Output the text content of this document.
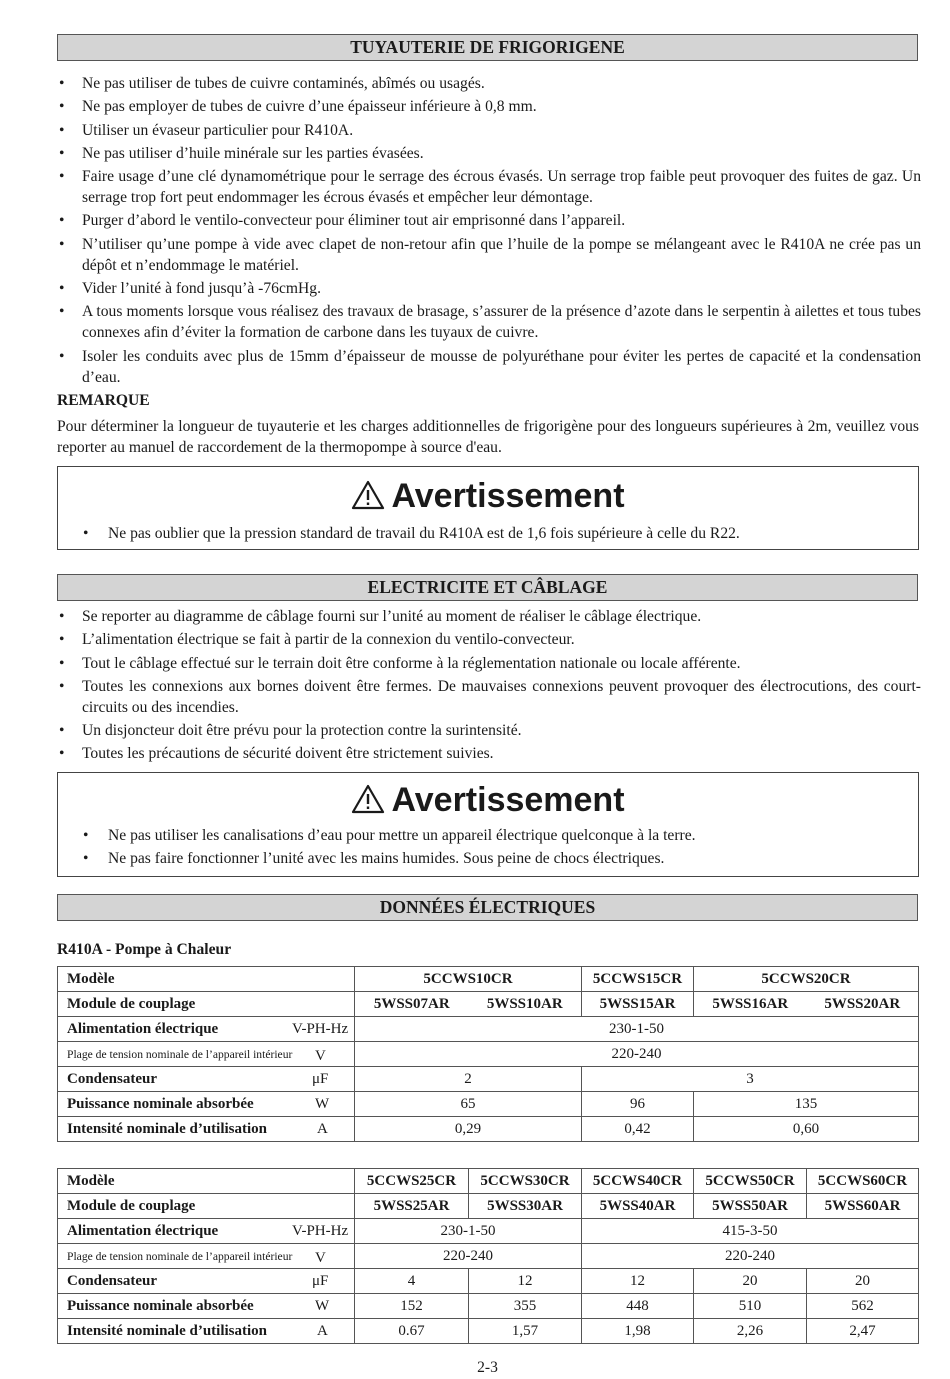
TUYAUTERIE DE FRIGORIGENE
• Ne pas utiliser de tubes de cuivre contaminés, abîmés ou usagés.
• Ne pas employer de tubes de cuivre d’une épaisseur inférieure à 0,8 mm.
• Utiliser un évaseur particulier pour R410A.
• Ne pas utiliser d’huile minérale sur les parties évasées.
• Faire usage d’une clé dynamométrique pour le serrage des écrous évasés. Un serrage trop faible peut provoquer des fuites de gaz. Un serrage trop fort peut endommager les écrous évasés et empêcher leur démontage.
• Purger d’abord le ventilo-convecteur pour éliminer tout air emprisonné dans l’appareil.
• N’utiliser qu’une pompe à vide avec clapet de non-retour afin que l’huile de la pompe se mélangeant avec le R410A ne crée pas un dépôt et n’endommage le matériel.
• Vider l’unité à fond jusqu’à -76cmHg.
• A tous moments lorsque vous réalisez des travaux de brasage, s’assurer de la présence d’azote dans le serpentin à ailettes et tous tubes connexes afin d’éviter la formation de carbone dans les tuyaux de cuivre.
• Isoler les conduits avec plus de 15mm d’épaisseur de mousse de polyuréthane pour éviter les pertes de capacité et la condensation d’eau.
REMARQUE
Pour déterminer la longueur de tuyauterie et les charges additionnelles de frigorigène pour des longueurs supérieures à 2m, veuillez vous reporter au manuel de raccordement de la thermopompe à source d'eau.
Avertissement
• Ne pas oublier que la pression standard de travail du R410A est de 1,6 fois supérieure à celle du R22.
ELECTRICITE ET CÂBLAGE
• Se reporter au diagramme de câblage fourni sur l’unité au moment de réaliser le câblage électrique.
• L’alimentation électrique se fait à partir de la connexion du ventilo-convecteur.
• Tout le câblage effectué sur le terrain doit être conforme à la réglementation nationale ou locale afférente.
• Toutes les connexions aux bornes doivent être fermes. De mauvaises connexions peuvent provoquer des électrocutions, des court-circuits ou des incendies.
• Un disjoncteur doit être prévu pour la protection contre la surintensité.
• Toutes les précautions de sécurité doivent être strictement suivies.
Avertissement
• Ne pas utiliser les canalisations d’eau pour mettre un appareil électrique quelconque à la terre.
• Ne pas faire fonctionner l’unité avec les mains humides. Sous peine de chocs électriques.
DONNÉES ÉLECTRIQUES
R410A - Pompe à Chaleur
Modèle	5CCWS10CR		5CCWS15CR	5CCWS20CR	
Module de couplage	5WSS07AR	5WSS10AR	5WSS15AR	5WSS16AR	5WSS20AR

Alimentation électrique V-PH-Hz	230-1-50				

Plage de tension nominale de l’appareil intérieur V	220-240				

Condensateur μF	2		3		

Puissance nominale absorbée W	65		96	135	

Intensité nominale d’utilisation A	0,29		0,42	0,60	
Modèle	5CCWS25CR	5CCWS30CR	5CCWS40CR	5CCWS50CR	5CCWS60CR
Module de couplage	5WSS25AR	5WSS30AR	5WSS40AR	5WSS50AR	5WSS60AR

Alimentation électrique V-PH-Hz	230-1-50		415-3-50		

Plage de tension nominale de l’appareil intérieur V	220-240		220-240		

Condensateur μF	4	12	12	20	20

Puissance nominale absorbée W	152	355	448	510	562

Intensité nominale d’utilisation A	0.67	1,57	1,98	2,26	2,47
2-3
